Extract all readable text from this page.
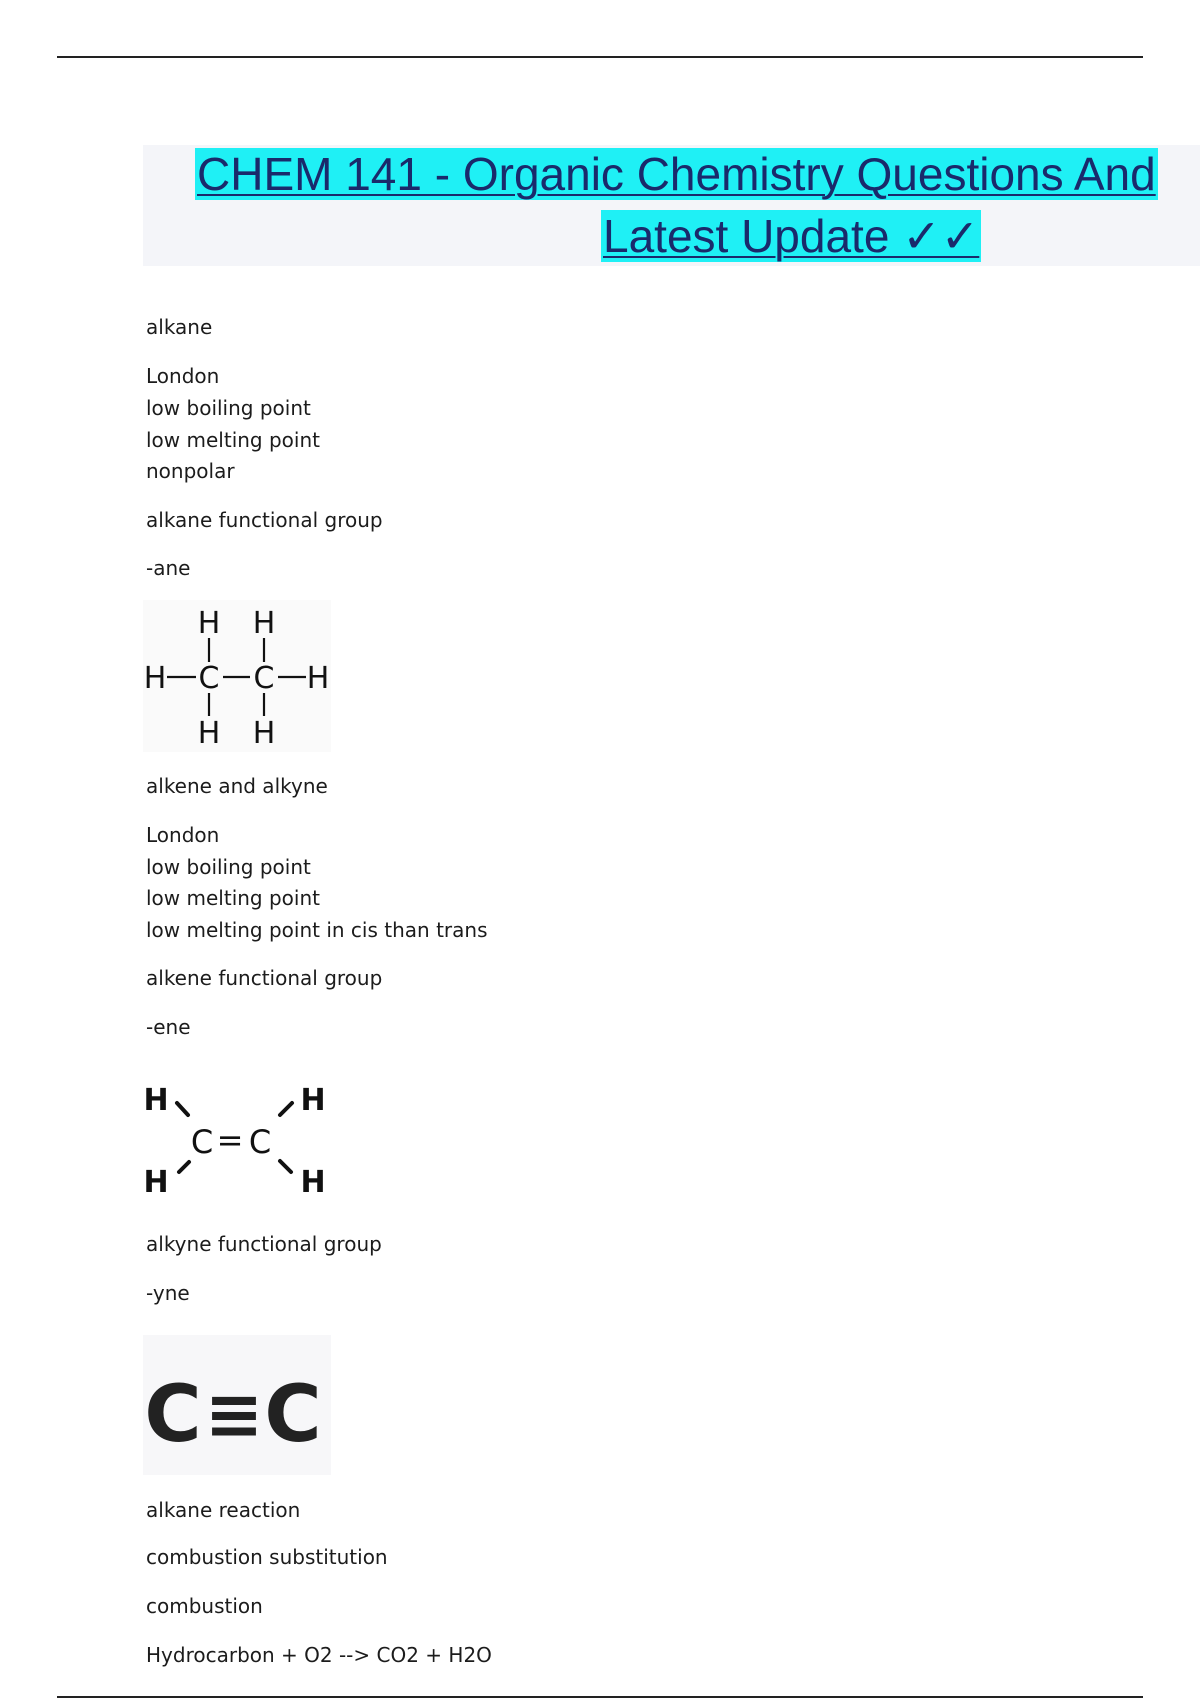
CHEM 141 - Organic Chemistry Questions And
Latest Update ✓✓
alkane
London
low boiling point
low melting point
nonpolar
alkane functional group
-ane
H H
H C C H
H H
alkene and alkyne
London
low boiling point
low melting point
low melting point in cis than trans
alkene functional group
-ene
H	H
H	H
C = C
alkyne functional group
-yne
C C
≡
alkane reaction
combustion substitution
combustion
Hydrocarbon + O2 --> CO2 + H2O
